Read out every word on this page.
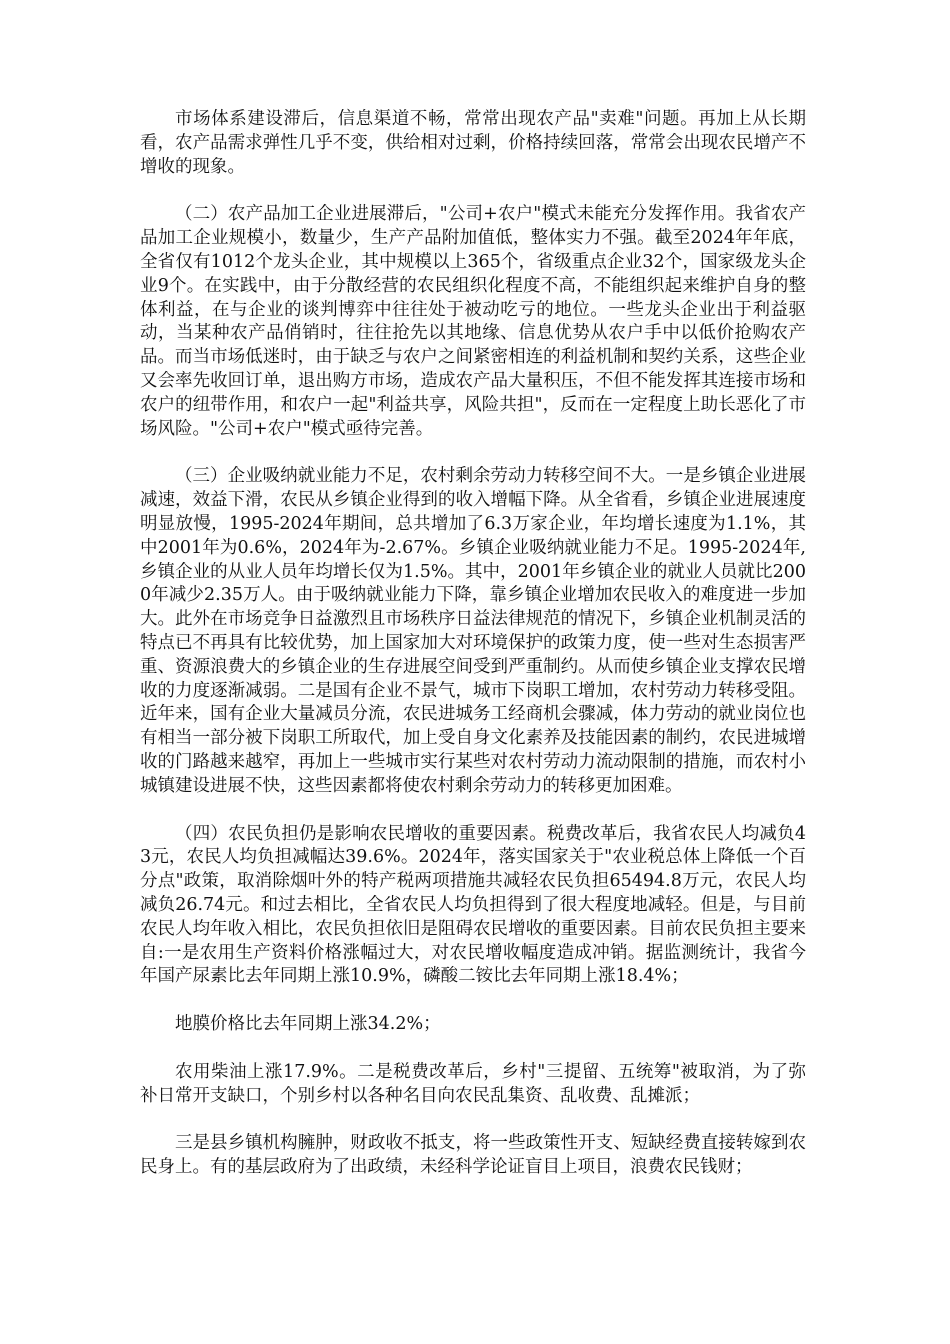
市场体系建设滞后，信息渠道不畅，常常出现农产品"卖难"问题。再加上从长期看，农产品需求弹性几乎不变，供给相对过剩，价格持续回落，常常会出现农民增产不增收的现象。

（二）农产品加工企业进展滞后，"公司+农户"模式未能充分发挥作用。我省农产品加工企业规模小，数量少，生产产品附加值低，整体实力不强。截至2024年年底，全省仅有1012个龙头企业，其中规模以上365个，省级重点企业32个，国家级龙头企业9个。在实践中，由于分散经营的农民组织化程度不高，不能组织起来维护自身的整体利益，在与企业的谈判博弈中往往处于被动吃亏的地位。一些龙头企业出于利益驱动，当某种农产品俏销时，往往抢先以其地缘、信息优势从农户手中以低价抢购农产品。而当市场低迷时，由于缺乏与农户之间紧密相连的利益机制和契约关系，这些企业又会率先收回订单，退出购方市场，造成农产品大量积压，不但不能发挥其连接市场和农户的纽带作用，和农户一起"利益共享，风险共担"，反而在一定程度上助长恶化了市场风险。"公司+农户"模式亟待完善。

（三）企业吸纳就业能力不足，农村剩余劳动力转移空间不大。一是乡镇企业进展减速，效益下滑，农民从乡镇企业得到的收入增幅下降。从全省看，乡镇企业进展速度明显放慢，1995-2024年期间，总共增加了6.3万家企业，年均增长速度为1.1%，其中2001年为0.6%，2024年为-2.67%。乡镇企业吸纳就业能力不足。1995-2024年, 乡镇企业的从业人员年均增长仅为1.5%。其中，2001年乡镇企业的就业人员就比2000年减少2.35万人。由于吸纳就业能力下降，靠乡镇企业增加农民收入的难度进一步加大。此外在市场竞争日益激烈且市场秩序日益法律规范的情况下，乡镇企业机制灵活的特点已不再具有比较优势，加上国家加大对环境保护的政策力度，使一些对生态损害严重、资源浪费大的乡镇企业的生存进展空间受到严重制约。从而使乡镇企业支撑农民增收的力度逐渐减弱。二是国有企业不景气，城市下岗职工增加，农村劳动力转移受阻。近年来，国有企业大量减员分流，农民进城务工经商机会骤减，体力劳动的就业岗位也有相当一部分被下岗职工所取代，加上受自身文化素养及技能因素的制约，农民进城增收的门路越来越窄，再加上一些城市实行某些对农村劳动力流动限制的措施，而农村小城镇建设进展不快，这些因素都将使农村剩余劳动力的转移更加困难。

（四）农民负担仍是影响农民增收的重要因素。税费改革后，我省农民人均减负43元，农民人均负担减幅达39.6%。2024年，落实国家关于"农业税总体上降低一个百分点"政策，取消除烟叶外的特产税两项措施共减轻农民负担65494.8万元，农民人均减负26.74元。和过去相比，全省农民人均负担得到了很大程度地减轻。但是，与目前农民人均年收入相比，农民负担依旧是阻碍农民增收的重要因素。目前农民负担主要来自:一是农用生产资料价格涨幅过大，对农民增收幅度造成冲销。据监测统计，我省今年国产尿素比去年同期上涨10.9%，磷酸二铵比去年同期上涨18.4%；

地膜价格比去年同期上涨34.2%；

农用柴油上涨17.9%。二是税费改革后，乡村"三提留、五统筹"被取消，为了弥补日常开支缺口，个别乡村以各种名目向农民乱集资、乱收费、乱摊派；

三是县乡镇机构臃肿，财政收不抵支，将一些政策性开支、短缺经费直接转嫁到农民身上。有的基层政府为了出政绩，未经科学论证盲目上项目，浪费农民钱财；
